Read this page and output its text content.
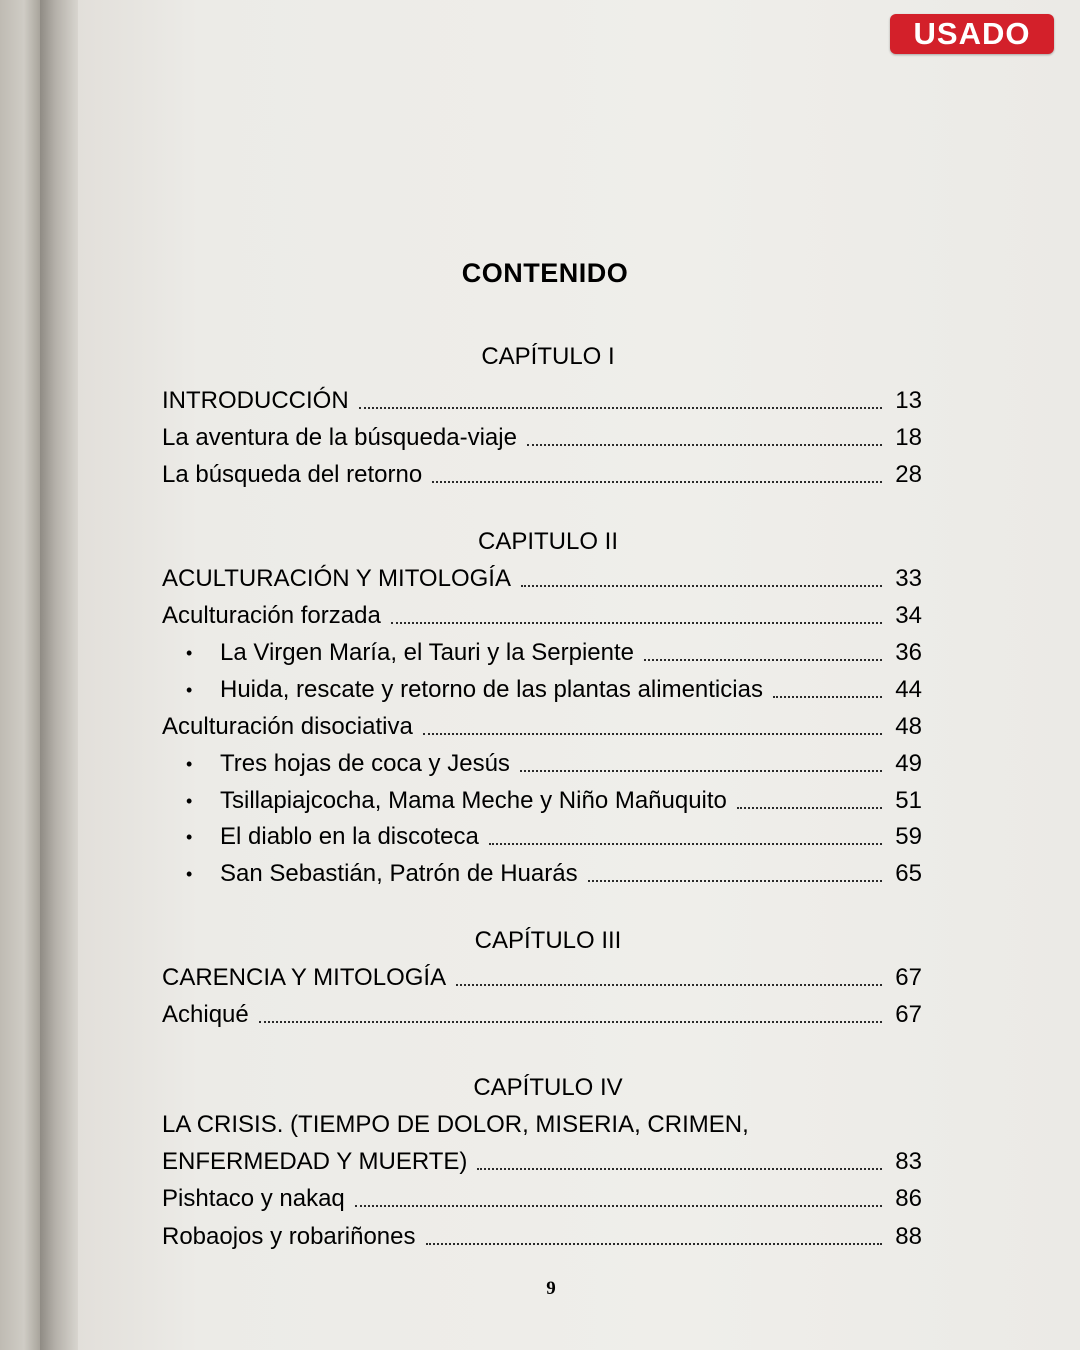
USADO
CONTENIDO
CAPÍTULO I
INTRODUCCIÓN	13
La aventura de la búsqueda-viaje	18
La búsqueda del retorno	28
CAPITULO II
ACULTURACIÓN Y MITOLOGÍA	33
Aculturación forzada	34
•	La Virgen María, el Tauri y la Serpiente	36
•	Huida, rescate y retorno de las plantas alimenticias	44
Aculturación disociativa	48
•	Tres hojas de coca y Jesús	49
•	Tsillapiajcocha, Mama Meche y Niño Mañuquito	51
•	El diablo en la discoteca	59
•	San Sebastián, Patrón de Huarás	65
CAPÍTULO III
CARENCIA Y MITOLOGÍA	67
Achiqué	67
CAPÍTULO IV
LA CRISIS. (TIEMPO DE DOLOR, MISERIA, CRIMEN,
ENFERMEDAD Y MUERTE)	83
Pishtaco y nakaq	86
Robaojos y robariñones	88
9
